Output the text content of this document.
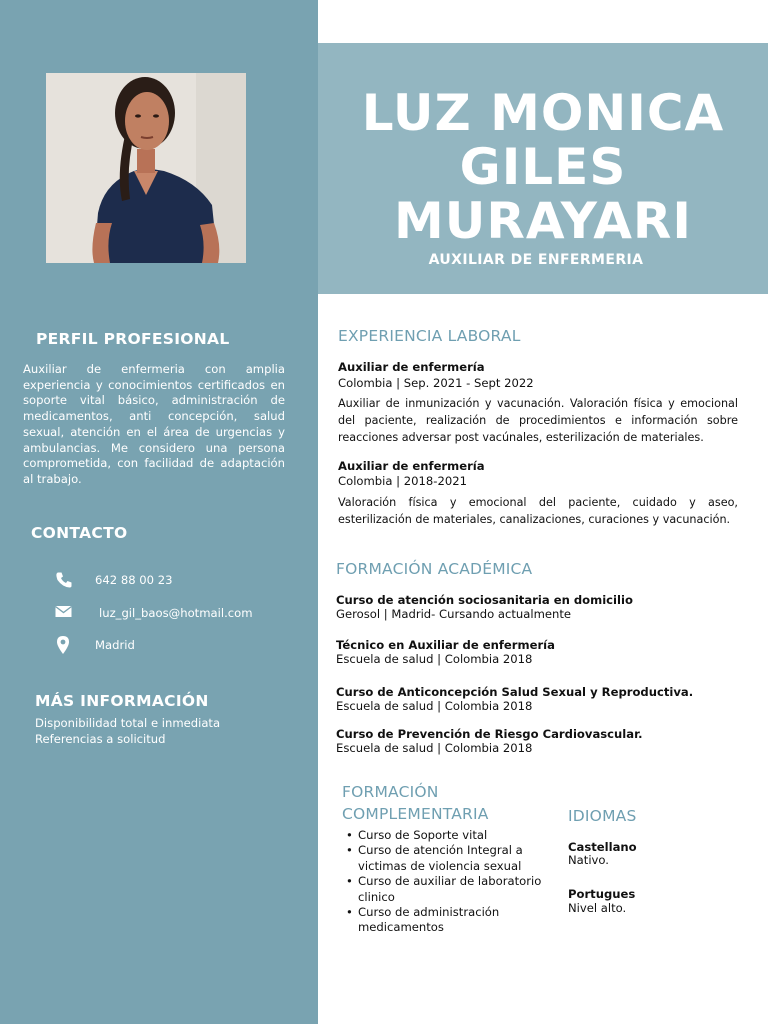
PERFIL PROFESIONAL
Auxiliar de enfermeria con amplia experiencia y conocimientos certificados en soporte vital básico, administración de medicamentos, anti concepción, salud sexual, atención en el área de urgencias y ambulancias. Me considero una persona comprometida, con facilidad de adaptación al trabajo.
CONTACTO
642 88 00 23
luz_gil_baos@hotmail.com
Madrid
MÁS INFORMACIÓN
Disponibilidad total e inmediata
Referencias a solicitud
LUZ MONICA
GILES
MURAYARI
AUXILIAR DE ENFERMERIA
EXPERIENCIA LABORAL
Auxiliar de enfermería
Colombia | Sep. 2021 - Sept 2022
Auxiliar de inmunización y vacunación. Valoración física y emocional del paciente, realización de procedimientos e información sobre reacciones adversar post vacúnales, esterilización de materiales.
Auxiliar de enfermería
Colombia | 2018-2021
Valoración física y emocional del paciente, cuidado y aseo, esterilización de materiales, canalizaciones, curaciones y vacunación.
FORMACIÓN ACADÉMICA
Curso de atención sociosanitaria en domicilio
Gerosol | Madrid- Cursando actualmente
Técnico en Auxiliar de enfermería
Escuela de salud | Colombia 2018
Curso de Anticoncepción Salud Sexual y Reproductiva.
Escuela de salud | Colombia 2018
Curso de Prevención de Riesgo Cardiovascular.
Escuela de salud | Colombia 2018
FORMACIÓN
COMPLEMENTARIA
• Curso de Soporte vital
• Curso de atención Integral a victimas de violencia sexual
• Curso de auxiliar de laboratorio clinico
• Curso de administración medicamentos
IDIOMAS
Castellano
Nativo.
Portugues
Nivel alto.
